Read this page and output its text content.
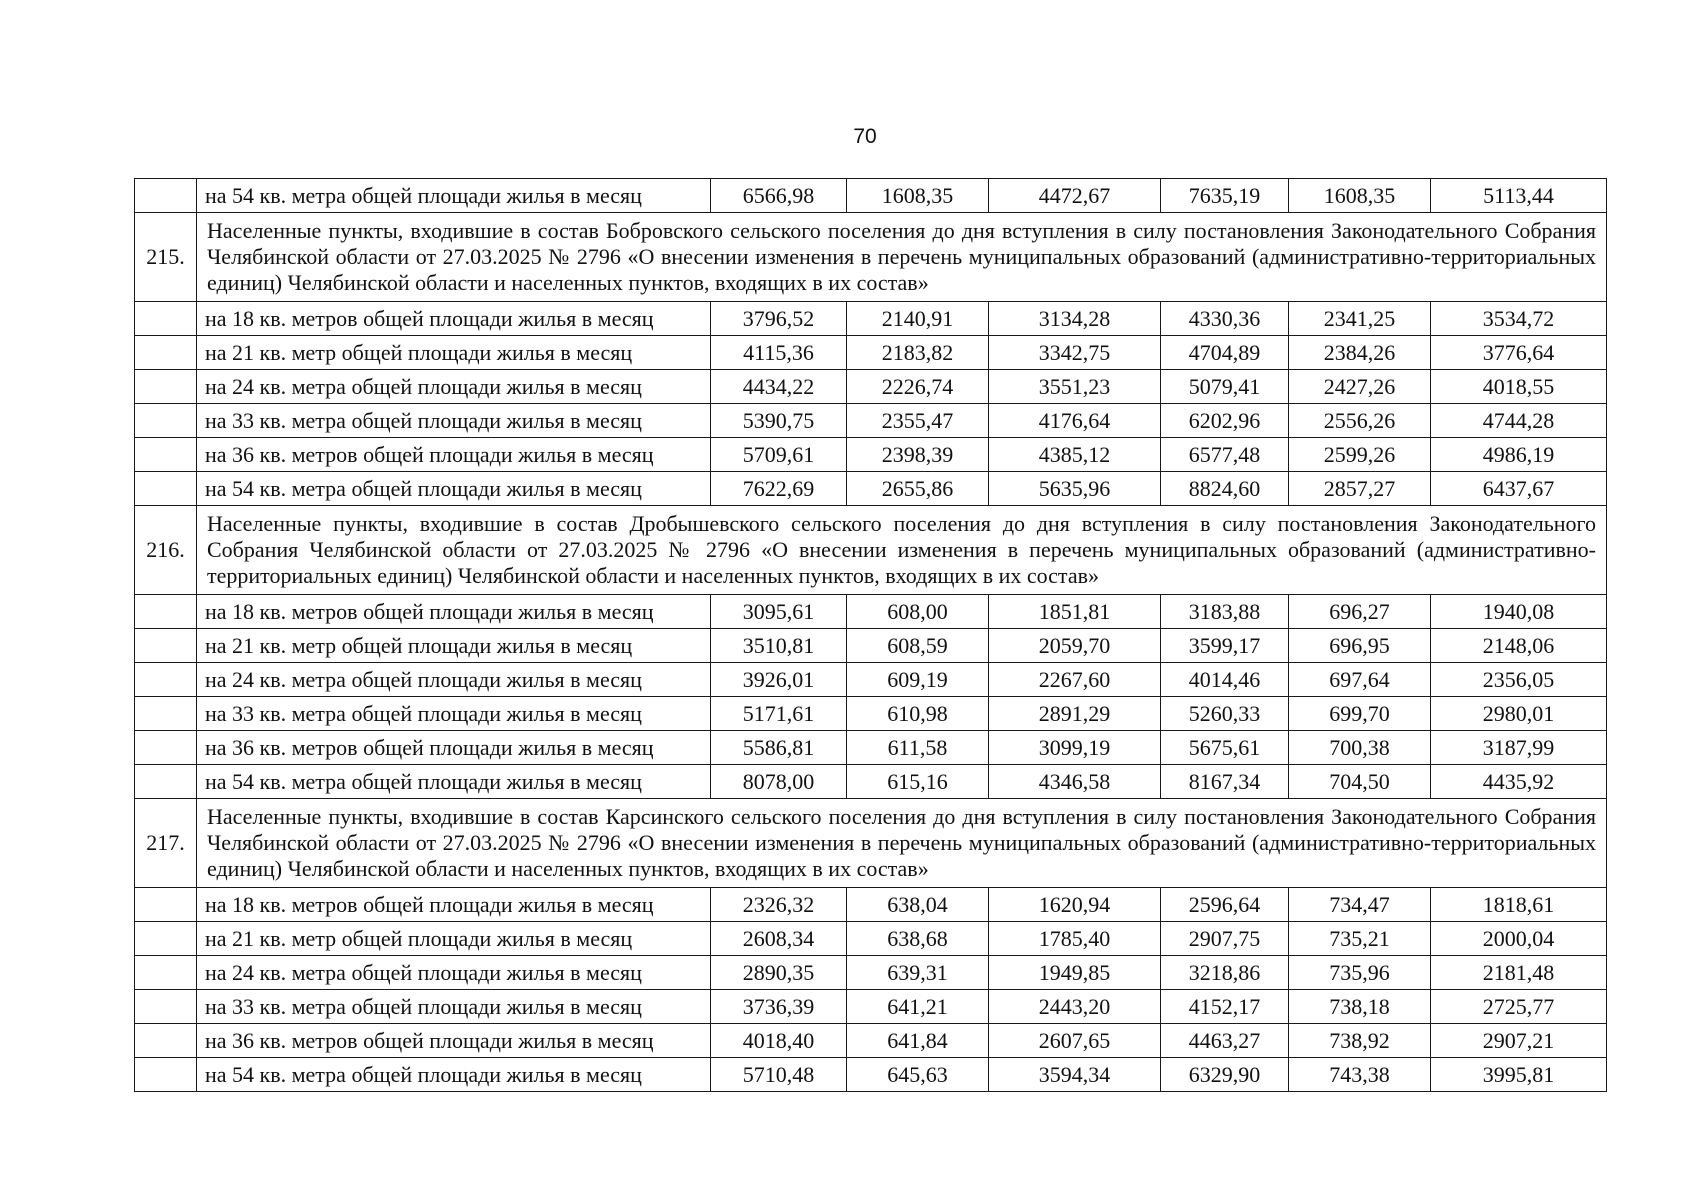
70
	на 54 кв. метра общей площади жилья в месяц	6566,98	1608,35	4472,67	7635,19	1608,35	5113,44
215.	Населенные пункты, входившие в состав Бобровского сельского поселения до дня вступления в силу постановления Законодательного Собрания Челябинской области от 27.03.2025 № 2796 «О внесении изменения в перечень муниципальных образований (административно-территориальных единиц) Челябинской области и населенных пунктов, входящих в их состав»						
	на 18 кв. метров общей площади жилья в месяц	3796,52	2140,91	3134,28	4330,36	2341,25	3534,72
	на 21 кв. метр общей площади жилья в месяц	4115,36	2183,82	3342,75	4704,89	2384,26	3776,64
	на 24 кв. метра общей площади жилья в месяц	4434,22	2226,74	3551,23	5079,41	2427,26	4018,55
	на 33 кв. метра общей площади жилья в месяц	5390,75	2355,47	4176,64	6202,96	2556,26	4744,28
	на 36 кв. метров общей площади жилья в месяц	5709,61	2398,39	4385,12	6577,48	2599,26	4986,19
	на 54 кв. метра общей площади жилья в месяц	7622,69	2655,86	5635,96	8824,60	2857,27	6437,67
216.	Населенные пункты, входившие в состав Дробышевского сельского поселения до дня вступления в силу постановления Законодательного Собрания Челябинской области от 27.03.2025 № 2796 «О внесении изменения в перечень муниципальных образований (административно-территориальных единиц) Челябинской области и населенных пунктов, входящих в их состав»						
	на 18 кв. метров общей площади жилья в месяц	3095,61	608,00	1851,81	3183,88	696,27	1940,08
	на 21 кв. метр общей площади жилья в месяц	3510,81	608,59	2059,70	3599,17	696,95	2148,06
	на 24 кв. метра общей площади жилья в месяц	3926,01	609,19	2267,60	4014,46	697,64	2356,05
	на 33 кв. метра общей площади жилья в месяц	5171,61	610,98	2891,29	5260,33	699,70	2980,01
	на 36 кв. метров общей площади жилья в месяц	5586,81	611,58	3099,19	5675,61	700,38	3187,99
	на 54 кв. метра общей площади жилья в месяц	8078,00	615,16	4346,58	8167,34	704,50	4435,92
217.	Населенные пункты, входившие в состав Карсинского сельского поселения до дня вступления в силу постановления Законодательного Собрания Челябинской области от 27.03.2025 № 2796 «О внесении изменения в перечень муниципальных образований (административно-территориальных единиц) Челябинской области и населенных пунктов, входящих в их состав»						
	на 18 кв. метров общей площади жилья в месяц	2326,32	638,04	1620,94	2596,64	734,47	1818,61
	на 21 кв. метр общей площади жилья в месяц	2608,34	638,68	1785,40	2907,75	735,21	2000,04
	на 24 кв. метра общей площади жилья в месяц	2890,35	639,31	1949,85	3218,86	735,96	2181,48
	на 33 кв. метра общей площади жилья в месяц	3736,39	641,21	2443,20	4152,17	738,18	2725,77
	на 36 кв. метров общей площади жилья в месяц	4018,40	641,84	2607,65	4463,27	738,92	2907,21
	на 54 кв. метра общей площади жилья в месяц	5710,48	645,63	3594,34	6329,90	743,38	3995,81
